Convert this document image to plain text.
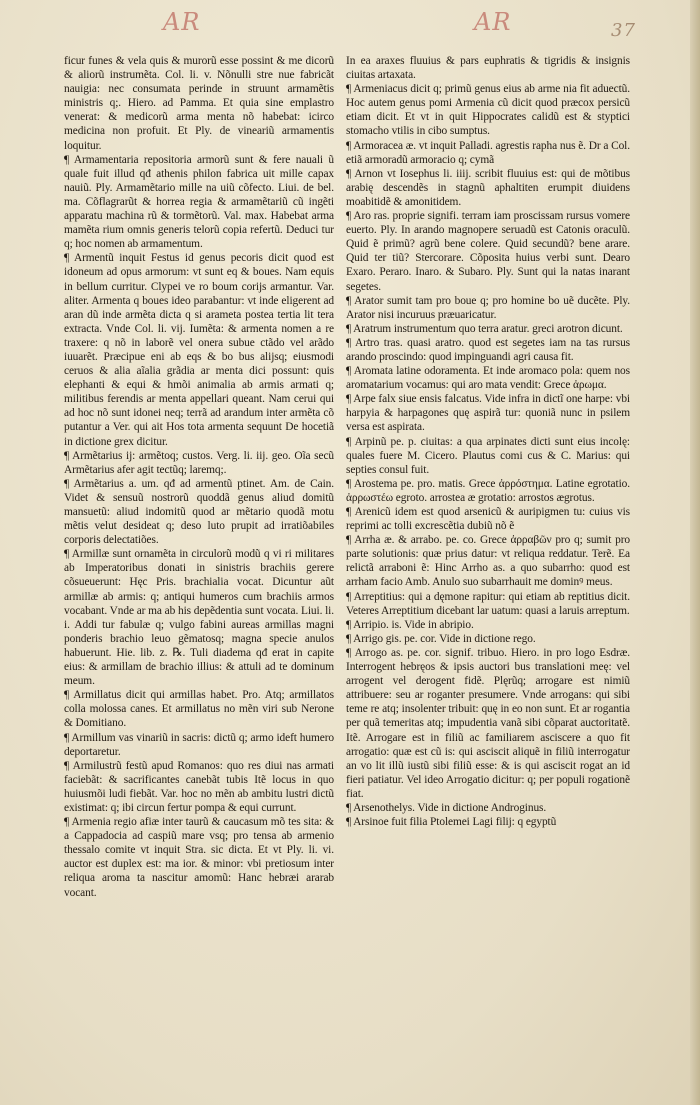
AR	AR	37

ficur funes & vela quis & murorũ esse possint & me dicorũ & aliorũ instrumẽta. Col. li. v. Nõnulli stre nue fabricãt nauigia: nec consumata perinde in struunt armamẽtis ministris q;. Hiero. ad Pamma. Et quia sine emplastro venerat: & medicorũ arma menta nõ habebat: icirco medicina non profuit. Et Ply. de vineariũ armamentis loquitur.

¶ Armamentaria repositoria armorũ sunt & fere nauali ũ quale fuit illud qđ athenis philon fabrica uit mille capax nauiũ. Ply. Armamẽtario mille na uiũ cõfecto. Liui. de bel. ma. Cõflagrarũt & horrea regia & armamẽtariũ cũ ingẽti apparatu machina rũ & tormẽtorũ. Val. max. Habebat arma mamẽta rium omnis generis telorũ copia refertũ. Deduci tur q; hoc nomen ab armamentum.

¶ Armentũ inquit Festus id genus pecoris dicit quod est idoneum ad opus armorum: vt sunt eq & boues. Nam equis in bellum curritur. Clypei ve ro boum corijs armantur. Var. aliter. Armenta q boues ideo parabantur: vt inde eligerent ad aran dũ inde armẽta dicta q si arameta postea tertia lit tera extracta. Vnde Col. li. vij. Iumẽta: & armenta nomen a re traxere: q nõ in laborẽ vel onera subue ctãdo vel arãdo iuuarẽt. Præcipue eni ab eqs & bo bus alijsq; eiusmodi ceruos & alia aĩalia grãdia ar menta dici possunt: quis elephanti & equi & hmõi animalia ab armis armati q; militibus ferendis ar menta appellari queant. Nam cerui qui ad hoc nõ sunt idonei neq; terrã ad arandum inter armẽta cõ putantur a Ver. qui ait Hos tota armenta sequunt De hocetiã in dictione grex dicitur.

¶ Armẽtarius ij: armẽtoq; custos. Verg. li. iij. geo. Oĩa secũ Armẽtarius afer agit tectũq; laremq;.

¶ Armẽtarius a. um. qđ ad armentũ ptinet. Am. de Cain. Videt & sensuũ nostrorũ quoddã genus aliud domitũ mansuetũ: aliud indomitũ quod ar mẽtario quodã motu mẽtis velut desideat q; deso luto prupit ad irratiõabiles corporis delectatiões.

¶ Armillæ sunt ornamẽta in circulorũ modũ q vi ri militares ab Imperatoribus donati in sinistris brachiis gerere cõsueuerunt: Hęc Pris. brachialia vocat. Dicuntur aũt armillæ ab armis: q; antiqui humeros cum brachiis armos vocabant. Vnde ar ma ab his depẽdentia sunt vocata. Liui. li. i. Addi tur fabulæ q; vulgo fabini aureas armillas magni ponderis brachio leuo gẽmatosq; magna specie anulos habuerunt. Hie. lib. z. ℞. Tuli diadema qđ erat in capite eius: & armillam de brachio illius: & attuli ad te dominum meum.

¶ Armillatus dicit qui armillas habet. Pro. Atq; armillatos colla molossa canes. Et armillatus no mẽn viri sub Nerone & Domitiano.

¶ Armillum vas vinariũ in sacris: dictũ q; armo ideft humero deportaretur.

¶ Armilustrũ festũ apud Romanos: quo res diui nas armati faciebãt: & sacrificantes canebãt tubis Itẽ locus in quo huiusmõi ludi fiebãt. Var. hoc no mẽn ab ambitu lustri dictũ existimat: q; ibi circun fertur pompa & equi currunt.

¶ Armenia regio afiæ inter taurũ & caucasum mõ tes sita: & a Cappadocia ad caspiũ mare vsq; pro tensa ab armenio thessalo comite vt inquit Stra. sic dicta. Et vt Ply. li. vi. auctor est duplex est: ma ior. & minor: vbi pretiosum inter reliqua aroma ta nascitur amomũ: Hanc hebræi ararab vocant.

In ea araxes fluuius & pars euphratis & tigridis & insignis ciuitas artaxata.

¶ Armeniacus dicit q; primũ genus eius ab arme nia fit aduectũ. Hoc autem genus pomi Armenia cũ dicit quod præcox persicũ etiam dicit. Et vt in quit Hippocrates calidũ est & styptici stomacho vtilis in cibo sumptus.

¶ Armoracea æ. vt inquit Palladi. agrestis rapha nus ẽ. Dr a Col. etiã armoradũ armoracio q; cymã

¶ Arnon vt Iosephus li. iiij. scribit fluuius est: qui de mõtibus arabię descendẽs in stagnũ aphaltiten erumpit diuidens moabitidẽ & amonitidem.

¶ Aro ras. proprie signifi. terram iam proscissam rursus vomere euerto. Ply. In arando magnopere seruadũ est Catonis oraculũ. Quid ẽ primũ? agrũ bene colere. Quid secundũ? bene arare. Quid ter tiũ? Stercorare. Cõposita huius verbi sunt. Dearo Exaro. Peraro. Inaro. & Subaro. Ply. Sunt qui la natas inarant segetes.

¶ Arator sumit tam pro boue q; pro homine bo uẽ ducẽte. Ply. Arator nisi incuruus præuaricatur.

¶ Aratrum instrumentum quo terra aratur. greci arotron dicunt.

¶ Artro tras. quasi aratro. quod est segetes iam na tas rursus arando proscindo: quod impinguandi agri causa fit.

¶ Aromata latine odoramenta. Et inde aromaco pola: quem nos aromatarium vocamus: qui aro mata vendit: Grece ἀρωμα.

¶ Arpe falx siue ensis falcatus. Vide infra in dictĩ one harpe: vbi harpyia & harpagones quę aspirã tur: quoniã nunc in psilem versa est aspirata.

¶ Arpinũ pe. p. ciuitas: a qua arpinates dicti sunt eius incolę: quales fuere M. Cicero. Plautus comi cus & C. Marius: qui septies consul fuit.

¶ Arostema pe. pro. matis. Grece ἀρρόστημα. Latine egrotatio. ἀρρωστέω egroto. arrostea æ grotatio: arrostos ægrotus.

¶ Arenicũ idem est quod arsenicũ & auripigmen tu: cuius vis reprimi ac tolli excrescẽtia dubiũ nõ ẽ

¶ Arrha æ. & arrabo. pe. co. Grece ἀρραβῶν pro q; sumit pro parte solutionis: quæ prius datur: vt reliqua reddatur. Terẽ. Ea relictã arraboni ẽ: Hinc Arrho as. a quo subarrho: quod est arrham facio Amb. Anulo suo subarrhauit me dominꝰ meus.

¶ Arreptitius: qui a dęmone rapitur: qui etiam ab reptitius dicit. Veteres Arreptitium dicebant lar uatum: quasi a laruis arreptum.

¶ Arripio. is. Vide in abripio.

¶ Arrigo gis. pe. cor. Vide in dictione rego.

¶ Arrogo as. pe. cor. signif. tribuo. Hiero. in pro logo Esdræ. Interrogent hebręos & ipsis auctori bus translationi meę: vel arrogent vel derogent fidẽ. Plęrũq; arrogare est nimiũ attribuere: seu ar roganter presumere. Vnde arrogans: qui sibi teme re atq; insolenter tribuit: quę in eo non sunt. Et ar rogantia per quã temeritas atq; impudentia vanã sibi cõparat auctoritatẽ. Itẽ. Arrogare est in filiũ ac familiarem asciscere a quo fit arrogatio: quæ est cũ is: qui asciscit aliquẽ in filiũ interrogatur an vo lit illũ iustũ sibi filiũ esse: & is qui asciscit rogat an id fieri patiatur. Vel ideo Arrogatio dicitur: q; per populi rogationẽ fiat.

¶ Arsenothelys. Vide in dictione Androginus.

¶ Arsinoe fuit filia Ptolemei Lagi filij: q egyptũ
